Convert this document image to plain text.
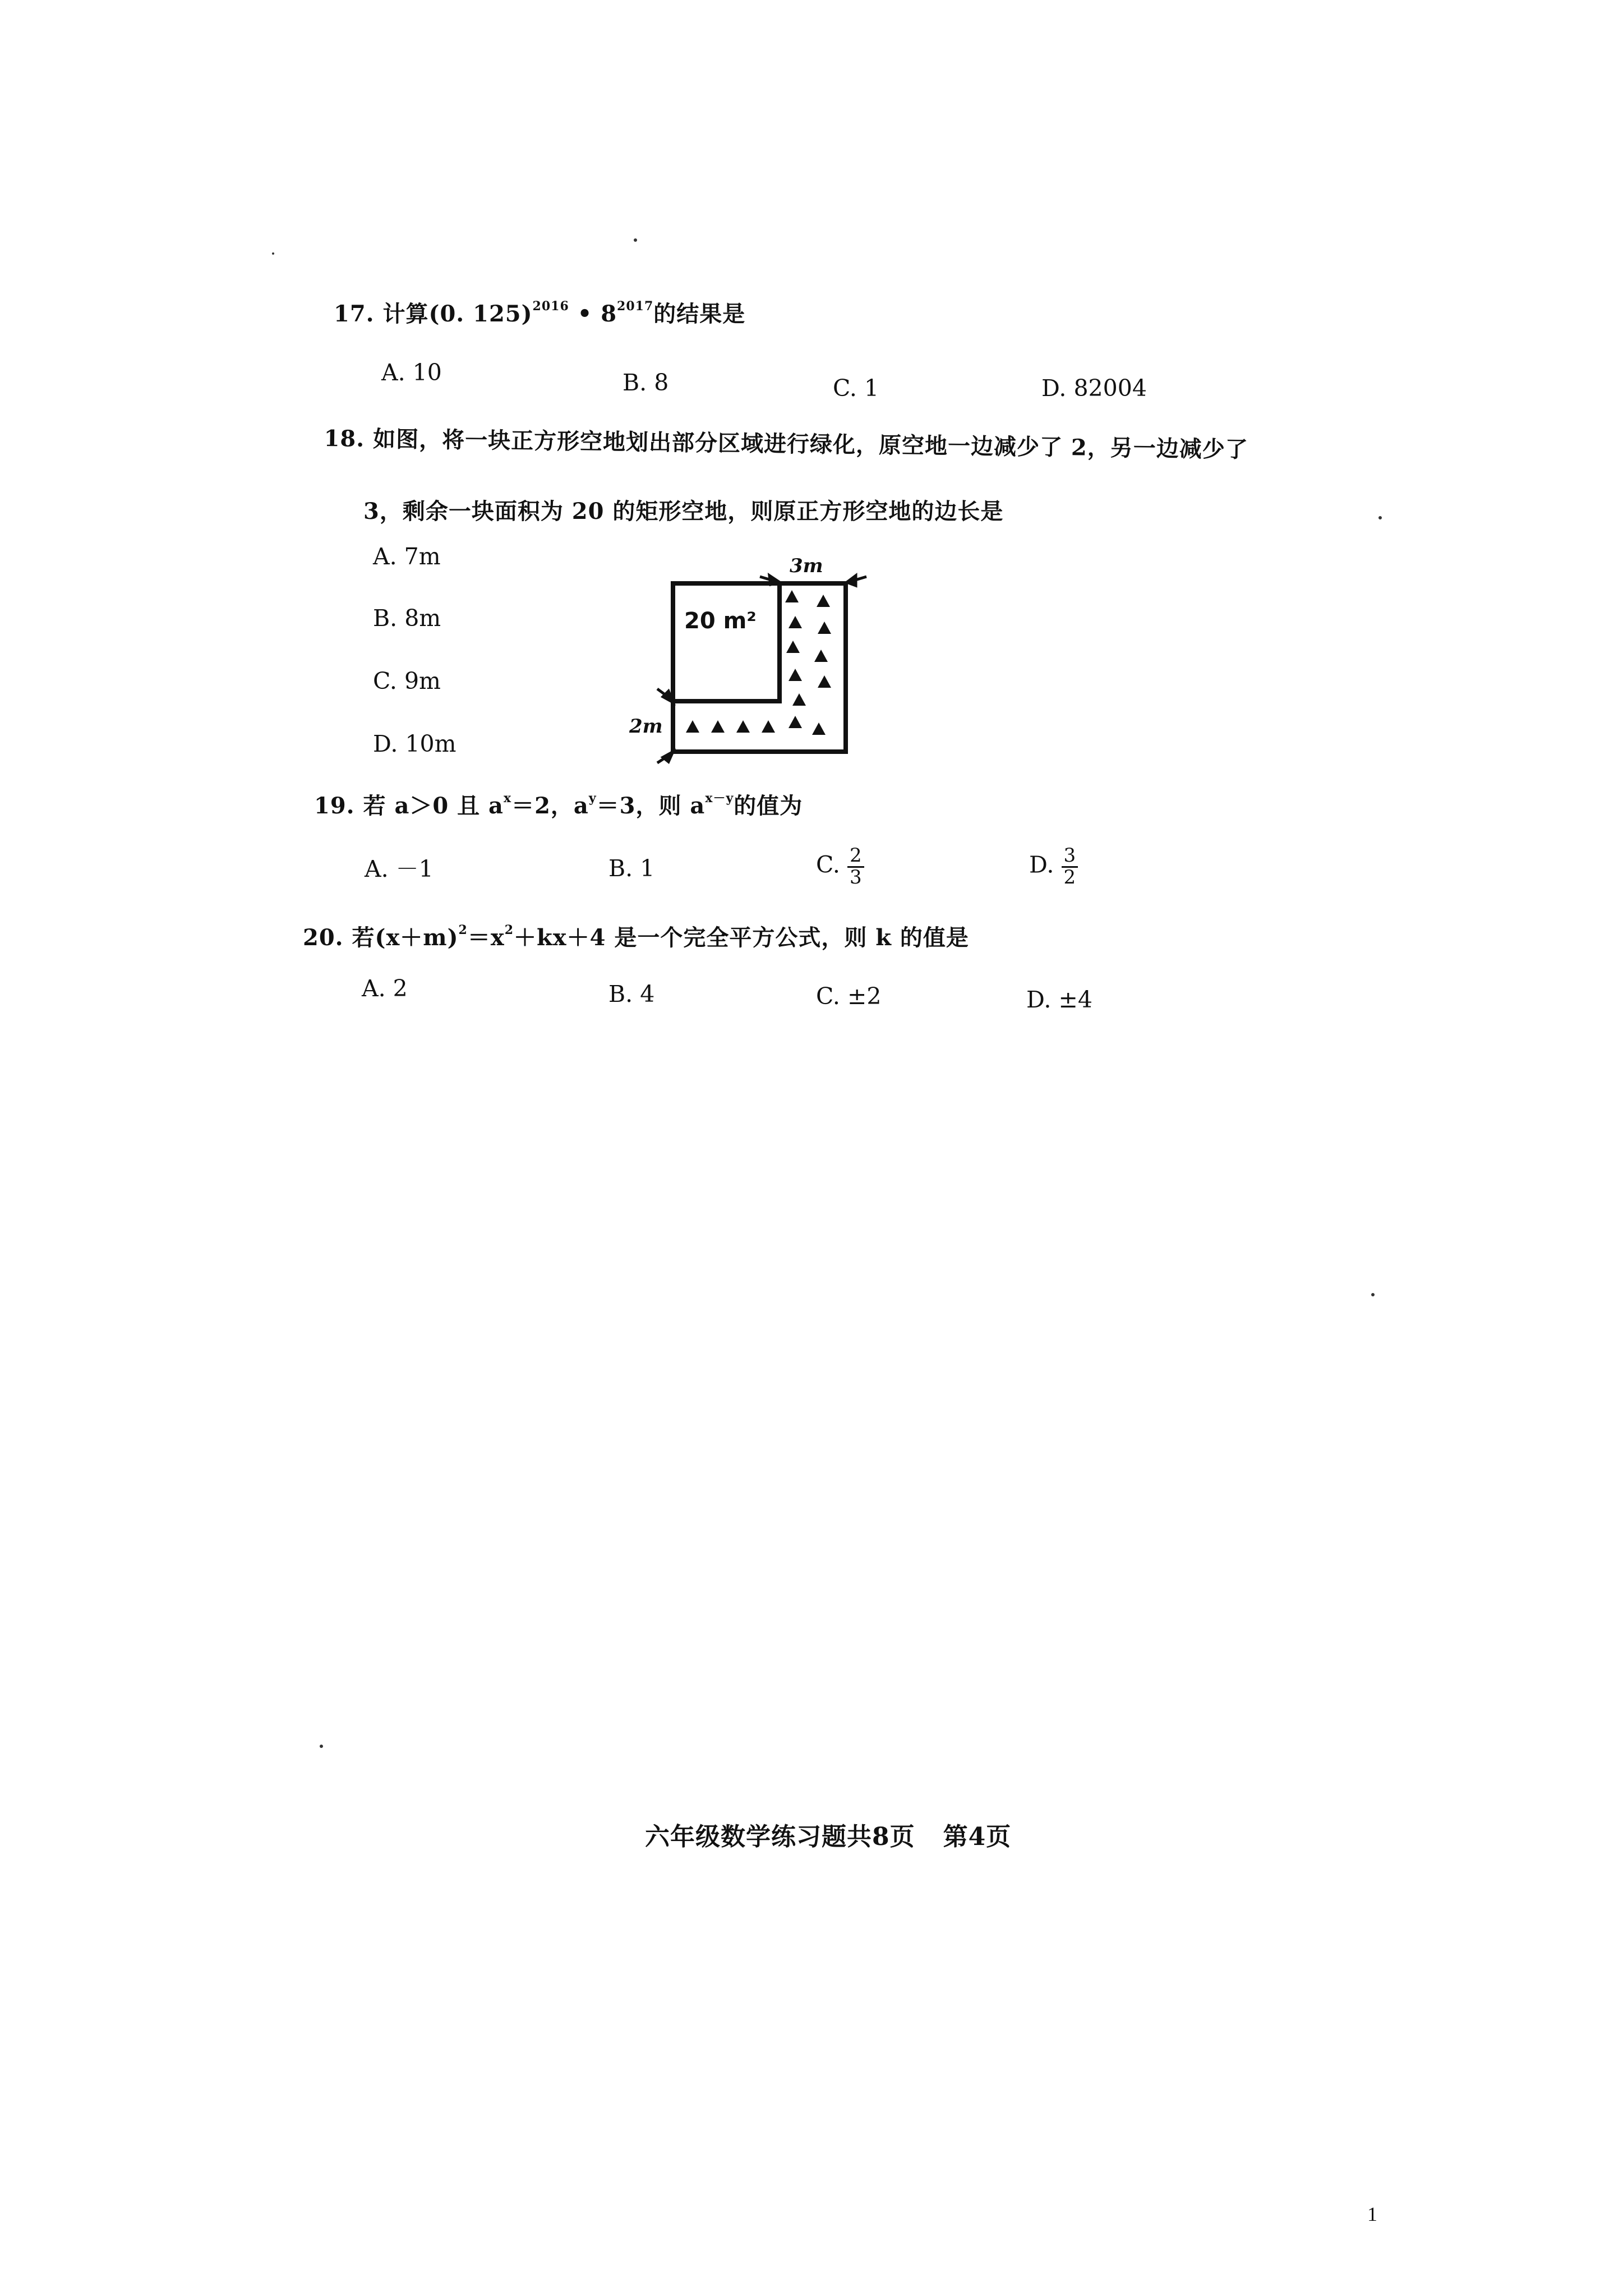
17. 计算(0. 125)$^{2016}$ • $8^{2017}$的结果是
A. 10	B. 8	C. 1	D. 82004
18. 如图，将一块正方形空地划出部分区域进行绿化，原空地一边减少了 2，另一边减少了
3，剩余一块面积为 20 的矩形空地，则原正方形空地的边长是
A. 7m
B. 8m
C. 9m
D. 10m
20 m²
3m
2m
19. 若 a＞0 且 $a^x=2$，$a^y=3$，则 $a^{x-y}$的值为
A. －1	B. 1	C. $\frac{2}{3}$	D. $\frac{3}{2}$
20. 若$(x+m)^2=x^2+kx+4$ 是一个完全平方公式，则 k 的值是
A. 2	B. 4	C. ±2	D. ±4
六年级数学练习题共8页 第4页
1
